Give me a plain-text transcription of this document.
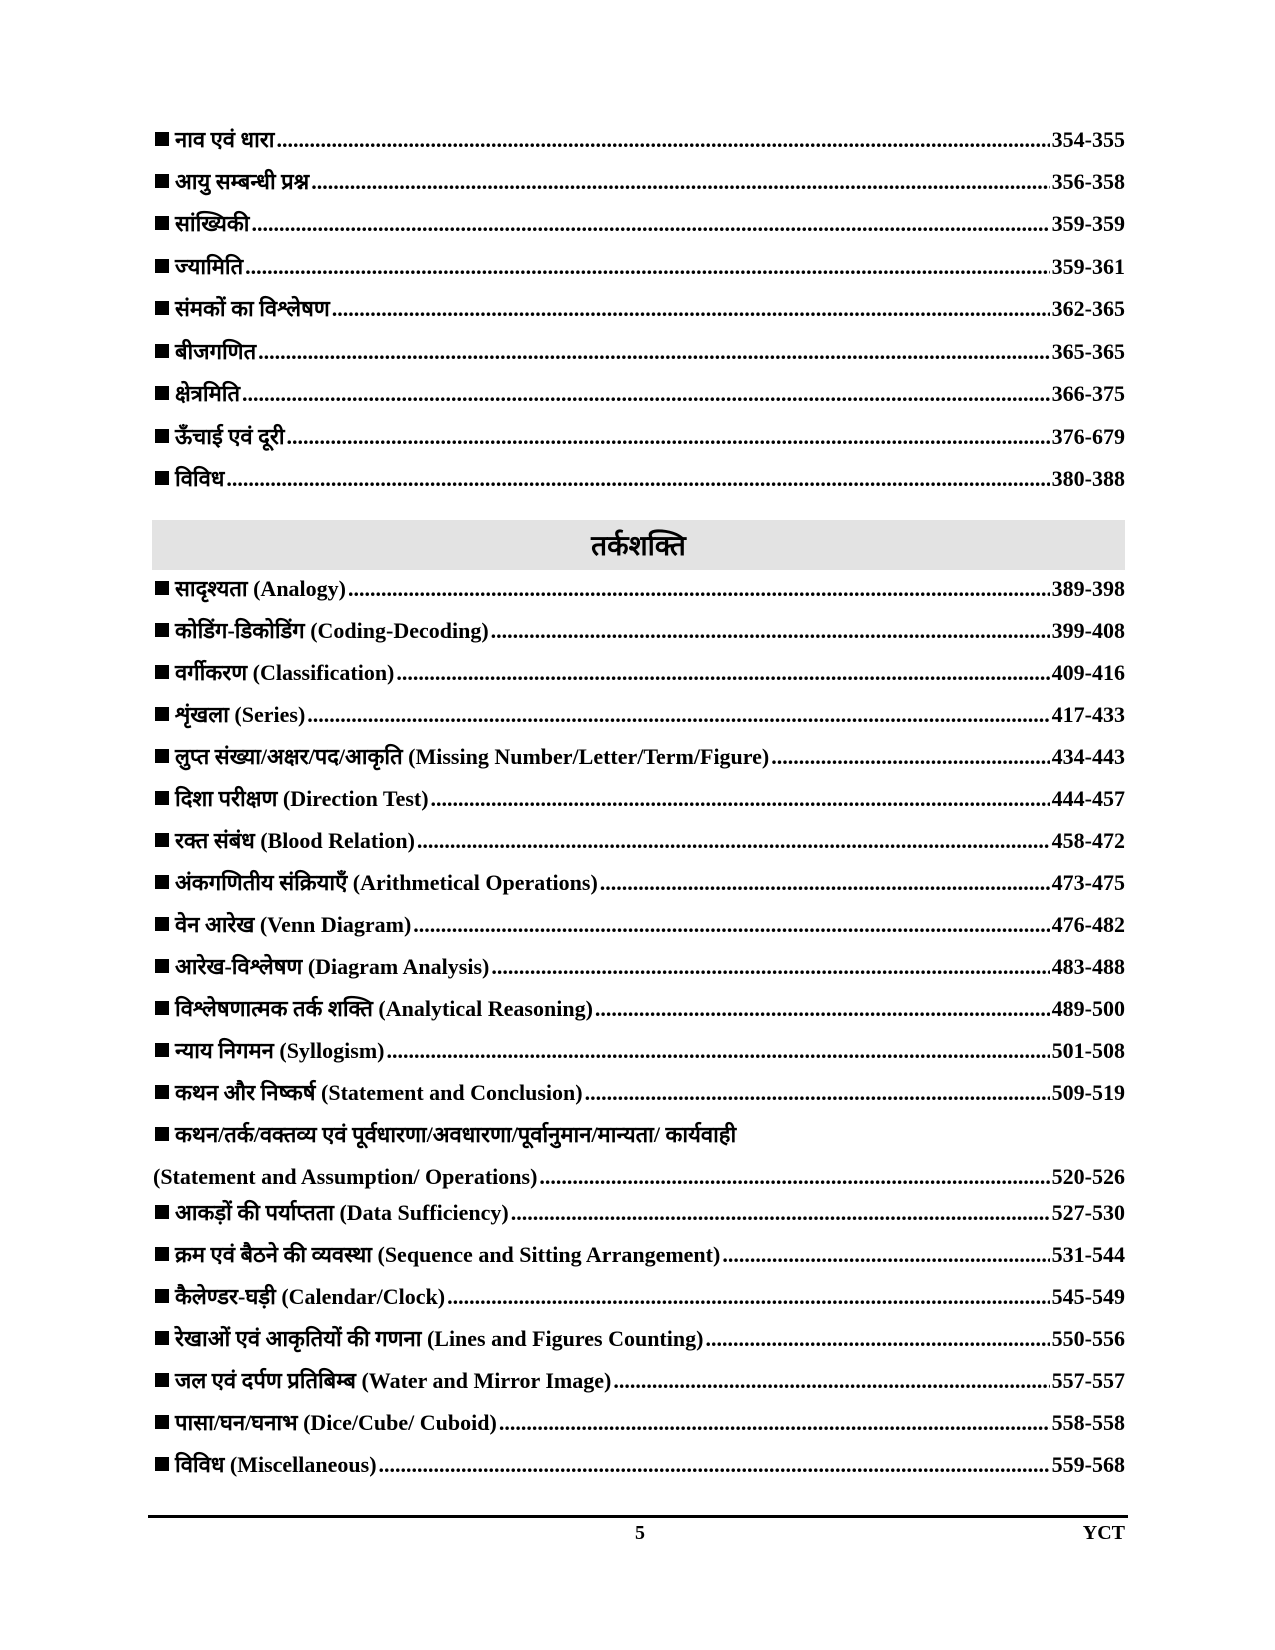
नाव एवं धारा .....	354-355
आयु सम्बन्धी प्रश्न .....	356-358
सांख्यिकी .....	359-359
ज्यामिति .....	359-361
संमकों का विश्लेषण .....	362-365
बीजगणित .....	365-365
क्षेत्रमिति .....	366-375
ऊँचाई एवं दूरी .....	376-679
विविध .....	380-388
तर्कशक्ति
सादृश्यता (Analogy) .....	389-398
कोडिंग-डिकोडिंग (Coding-Decoding) .....	399-408
वर्गीकरण (Classification) .....	409-416
शृंखला (Series) .....	417-433
लुप्त संख्या/अक्षर/पद/आकृति (Missing Number/Letter/Term/Figure) .....	434-443
दिशा परीक्षण (Direction Test) .....	444-457
रक्त संबंध (Blood Relation) .....	458-472
अंकगणितीय संक्रियाएँ (Arithmetical Operations) .....	473-475
वेन आरेख (Venn Diagram) .....	476-482
आरेख-विश्लेषण (Diagram Analysis) .....	483-488
विश्लेषणात्मक तर्क शक्ति (Analytical Reasoning) .....	489-500
न्याय निगमन (Syllogism) .....	501-508
कथन और निष्कर्ष (Statement and Conclusion) .....	509-519
कथन/तर्क/वक्तव्य एवं पूर्वधारणा/अवधारणा/पूर्वानुमान/मान्यता/ कार्यवाही
(Statement and Assumption/ Operations) .....	520-526
आकड़ों की पर्याप्तता (Data Sufficiency) .....	527-530
क्रम एवं बैठने की व्यवस्था (Sequence and Sitting Arrangement) .....	531-544
कैलेण्डर-घड़ी (Calendar/Clock) .....	545-549
रेखाओं एवं आकृतियों की गणना (Lines and Figures Counting) .....	550-556
जल एवं दर्पण प्रतिबिम्ब (Water and Mirror Image) .....	557-557
पासा/घन/घनाभ (Dice/Cube/ Cuboid) .....	558-558
विविध (Miscellaneous) .....	559-568
5	YCT
